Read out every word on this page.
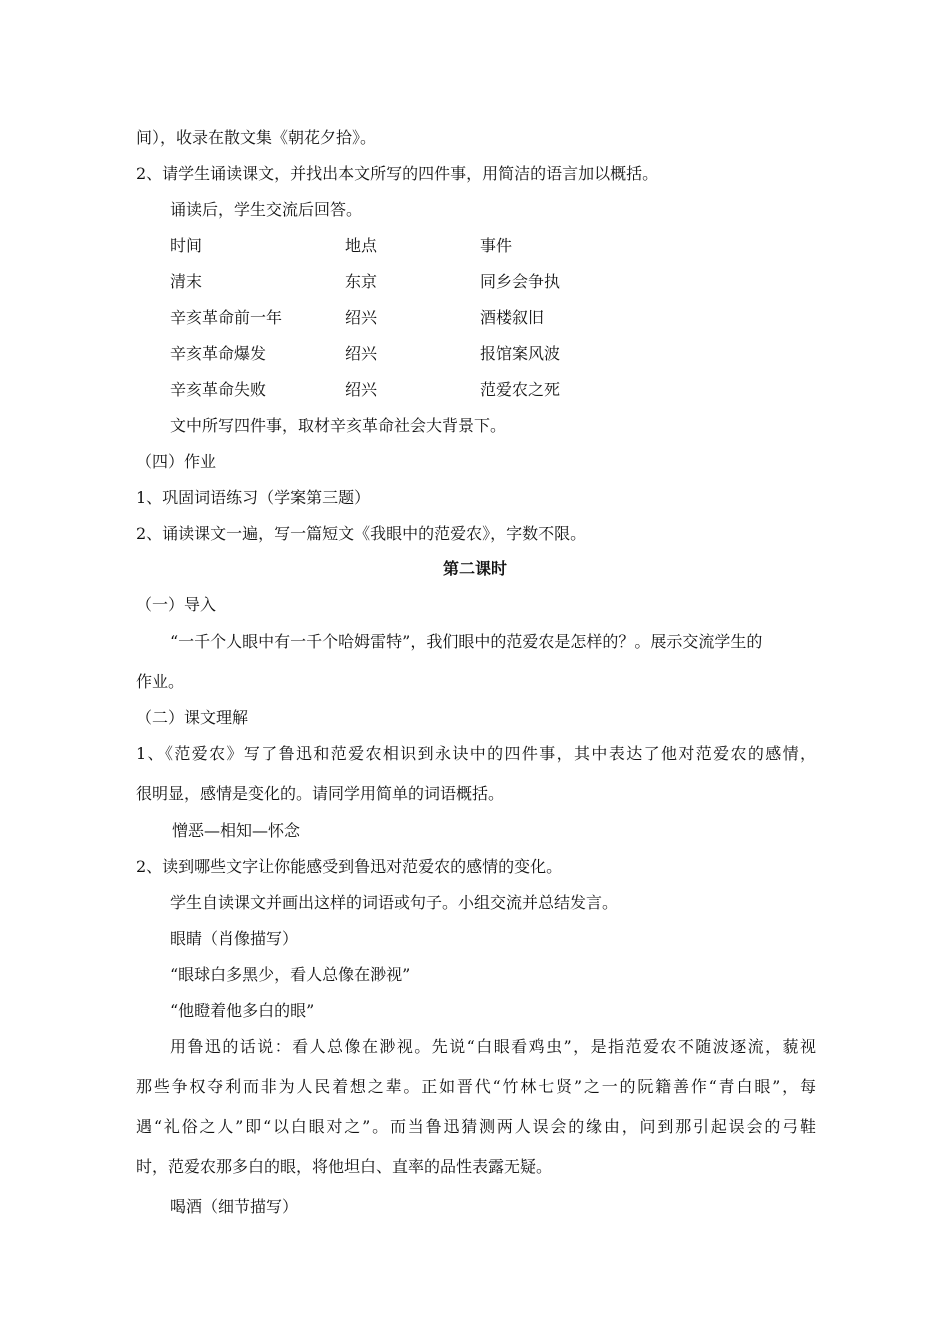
间），收录在散文集《朝花夕拾》。
2、请学生诵读课文，并找出本文所写的四件事，用简洁的语言加以概括。
诵读后，学生交流后回答。
时间	地点	事件
清末	东京	同乡会争执
辛亥革命前一年	绍兴	酒楼叙旧
辛亥革命爆发	绍兴	报馆案风波
辛亥革命失败	绍兴	范爱农之死
文中所写四件事，取材辛亥革命社会大背景下。
（四）作业
1、巩固词语练习（学案第三题）
2、诵读课文一遍，写一篇短文《我眼中的范爱农》，字数不限。
第二课时
（一）导入
“一千个人眼中有一千个哈姆雷特”，我们眼中的范爱农是怎样的？。展示交流学生的
作业。
（二）课文理解
1、《范爱农》写了鲁迅和范爱农相识到永诀中的四件事，其中表达了他对范爱农的感情，
很明显，感情是变化的。请同学用简单的词语概括。
憎恶—相知—怀念
2、读到哪些文字让你能感受到鲁迅对范爱农的感情的变化。
学生自读课文并画出这样的词语或句子。小组交流并总结发言。
眼睛（肖像描写）
“眼球白多黑少，看人总像在渺视”
“他瞪着他多白的眼”
用鲁迅的话说：看人总像在渺视。先说“白眼看鸡虫”，是指范爱农不随波逐流，藐视
那些争权夺利而非为人民着想之辈。正如晋代“竹林七贤”之一的阮籍善作“青白眼”，每
遇“礼俗之人”即“以白眼对之”。而当鲁迅猜测两人误会的缘由，问到那引起误会的弓鞋
时，范爱农那多白的眼，将他坦白、直率的品性表露无疑。
喝酒（细节描写）
